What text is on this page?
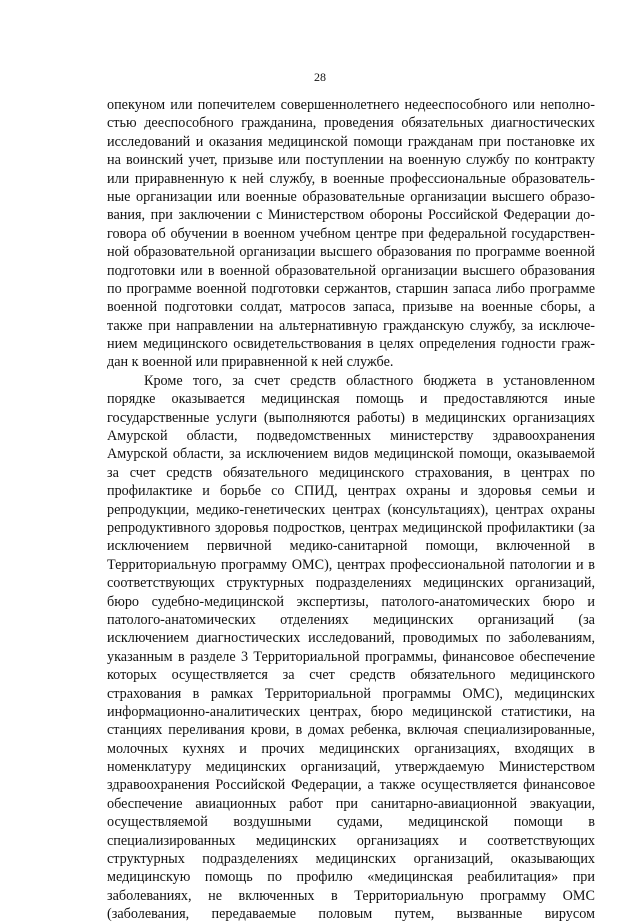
28
опекуном или попечителем совершеннолетнего недееспособного или неполно-
стью дееспособного гражданина, проведения обязательных диагностических
исследований и оказания медицинской помощи гражданам при постановке их
на воинский учет, призыве или поступлении на военную службу по контракту
или приравненную к ней службу, в военные профессиональные образователь-
ные организации или военные образовательные организации высшего образо-
вания, при заключении с Министерством обороны Российской Федерации до-
говора об обучении в военном учебном центре при федеральной государствен-
ной образовательной организации высшего образования по программе военной
подготовки или в военной образовательной организации высшего образования
по программе военной подготовки сержантов, старшин запаса либо программе
военной подготовки солдат, матросов запаса, призыве на военные сборы, а
также при направлении на альтернативную гражданскую службу, за исключе-
нием медицинского освидетельствования в целях определения годности граж-
дан к военной или приравненной к ней службе.
Кроме того, за счет средств областного бюджета в установленном
порядке оказывается медицинская помощь и предоставляются иные
государственные услуги (выполняются работы) в медицинских организациях
Амурской области, подведомственных министерству здравоохранения
Амурской области, за исключением видов медицинской помощи, оказываемой
за счет средств обязательного медицинского страхования, в центрах по
профилактике и борьбе со СПИД, центрах охраны и здоровья семьи и
репродукции, медико-генетических центрах (консультациях), центрах охраны
репродуктивного здоровья подростков, центрах медицинской профилактики (за
исключением первичной медико-санитарной помощи, включенной в
Территориальную программу ОМС), центрах профессиональной патологии и в
соответствующих структурных подразделениях медицинских организаций,
бюро судебно-медицинской экспертизы, патолого-анатомических бюро и
патолого-анатомических отделениях медицинских организаций (за
исключением диагностических исследований, проводимых по заболеваниям,
указанным в разделе 3 Территориальной программы, финансовое обеспечение
которых осуществляется за счет средств обязательного медицинского
страхования в рамках Территориальной программы ОМС), медицинских
информационно-аналитических центрах, бюро медицинской статистики, на
станциях переливания крови, в домах ребенка, включая специализированные,
молочных кухнях и прочих медицинских организациях, входящих в
номенклатуру медицинских организаций, утверждаемую Министерством
здравоохранения Российской Федерации, а также осуществляется финансовое
обеспечение авиационных работ при санитарно-авиационной эвакуации,
осуществляемой воздушными судами, медицинской помощи в
специализированных медицинских организациях и соответствующих
структурных подразделениях медицинских организаций, оказывающих
медицинскую помощь по профилю «медицинская реабилитация» при
заболеваниях, не включенных в Территориальную программу ОМС
(заболевания, передаваемые половым путем, вызванные вирусом
